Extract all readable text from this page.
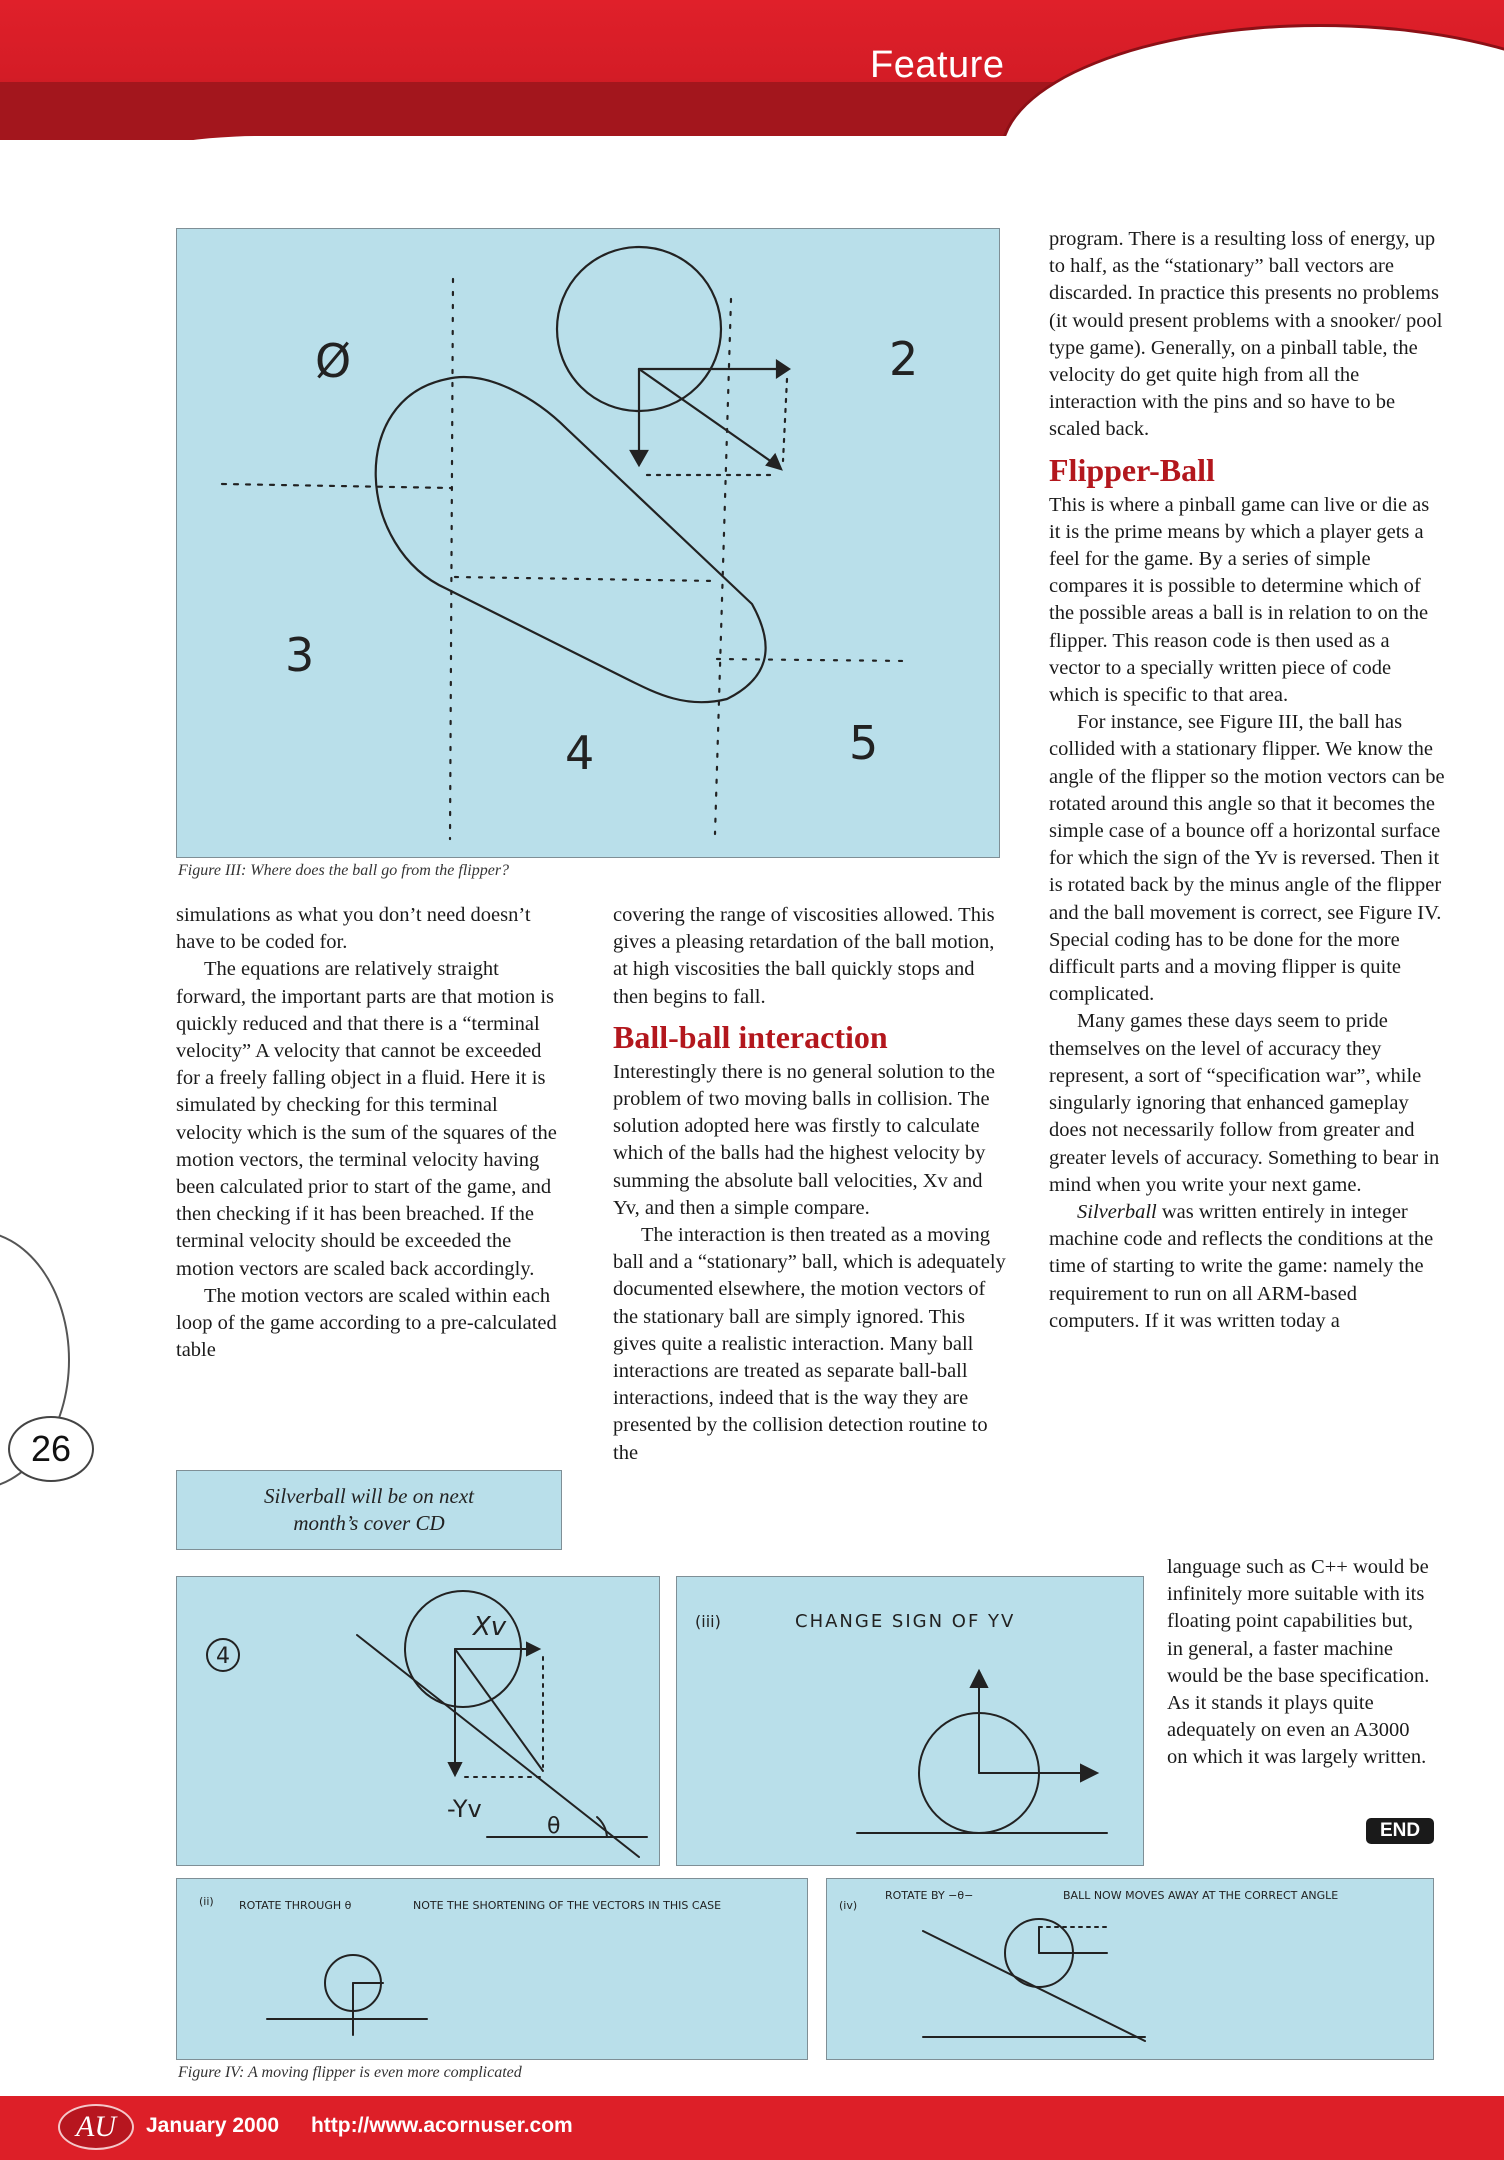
Feature
26
Ø	2
3
4	5
Figure III: Where does the ball go from the flipper?

simulations as what you don’t need doesn’t have to be coded for.

The equations are relatively straight forward, the important parts are that motion is quickly reduced and that there is a “terminal velocity” A velocity that cannot be exceeded for a freely falling object in a fluid. Here it is simulated by checking for this terminal velocity which is the sum of the squares of the motion vectors, the terminal velocity having been calculated prior to start of the game, and then checking if it has been breached. If the terminal velocity should be exceeded the motion vectors are scaled back accordingly.

The motion vectors are scaled within each loop of the game according to a pre-calculated table

Silverball will be on next
month’s cover CD

covering the range of viscosities allowed. This gives a pleasing retardation of the ball motion, at high viscosities the ball quickly stops and then begins to fall.

Ball-ball interaction

Interestingly there is no general solution to the problem of two moving balls in collision. The solution adopted here was firstly to calculate which of the balls had the highest velocity by summing the absolute ball velocities, Xv and Yv, and then a simple compare.

The interaction is then treated as a moving ball and a “stationary” ball, which is adequately documented elsewhere, the motion vectors of the stationary ball are simply ignored. This gives quite a realistic interaction. Many ball interactions are treated as separate ball-ball interactions, indeed that is the way they are presented by the collision detection routine to the

program. There is a resulting loss of energy, up to half, as the “stationary” ball vectors are discarded. In practice this presents no problems (it would present problems with a snooker/ pool type game). Generally, on a pinball table, the velocity do get quite high from all the interaction with the pins and so have to be scaled back.

Flipper-Ball

This is where a pinball game can live or die as it is the prime means by which a player gets a feel for the game. By a series of simple compares it is possible to determine which of the possible areas a ball is in relation to on the flipper. This reason code is then used as a vector to a specially written piece of code which is specific to that area.

For instance, see Figure III, the ball has collided with a stationary flipper. We know the angle of the flipper so the motion vectors can be rotated around this angle so that it becomes the simple case of a bounce off a horizontal surface for which the sign of the Yv is reversed. Then it is rotated back by the minus angle of the flipper and the ball movement is correct, see Figure IV. Special coding has to be done for the more difficult parts and a moving flipper is quite complicated.

Many games these days seem to pride themselves on the level of accuracy they represent, a sort of “specification war”, while singularly ignoring that enhanced gameplay does not necessarily follow from greater and greater levels of accuracy. Something to bear in mind when you write your next game.

Silverball was written entirely in integer machine code and reflects the conditions at the time of starting to write the game: namely the requirement to run on all ARM-based computers. If it was written today a

language such as C++ would be infinitely more suitable with its floating point capabilities but, in general, a faster machine would be the base specification. As it stands it plays quite adequately on even an A3000 on which it was largely written.

END
4
Xv
-Yv
θ
(iii)	CHANGE SIGN OF YV
(ii) ROTATE THROUGH θ	NOTE THE SHORTENING OF THE VECTORS IN THIS CASE	(iv)
ROTATE BY −θ−	BALL NOW MOVES AWAY AT THE CORRECT ANGLE
Figure IV: A moving flipper is even more complicated
AU	January 2000 http://www.acornuser.com
